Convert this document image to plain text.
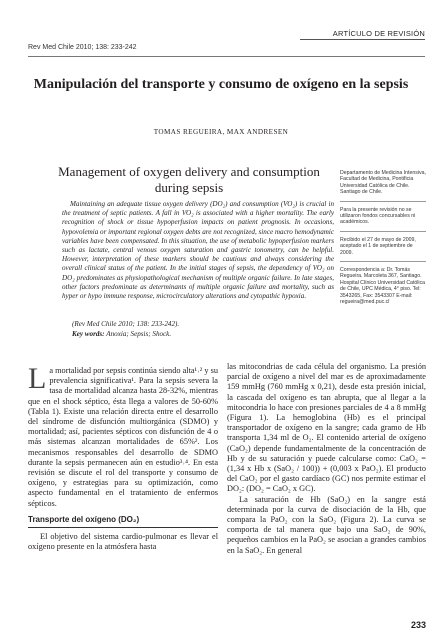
ARTÍCULO DE REVISIÓN
Rev Med Chile 2010; 138: 233-242
Manipulación del transporte y consumo de oxígeno en la sepsis
TOMAS REGUEIRA, MAX ANDRESEN
Management of oxygen delivery and consumption during sepsis
Maintaining an adequate tissue oxygen delivery (DO₂) and consumption (VO₂) is crucial in the treatment of septic patients. A fall in VO₂ is associated with a higher mortality. The early recognition of shock or tissue hypoperfusion impacts on patient prognosis. In occasions, hypovolemia or important regional oxygen debts are not recognized, since macro hemodynamic variables have been compensated. In this situation, the use of metabolic hypoperfusion markers such as lactate, central venous oxygen saturation and gastric tonometry, can be helpful. However, interpretation of these markers should be cautious and always considering the overall clinical status of the patient. In the initial stages of sepsis, the dependency of VO₂ on DO₂ predominates as physiopathological mechanism of multiple organic failure. In late stages, other factors predominate as determinants of multiple organic failure and mortality, such as hyper or hypo immune response, microcirculatory alterations and cytopathic hypoxia.
(Rev Med Chile 2010; 138: 233-242).
Key words: Anoxia; Sepsis; Shock.
Departamento de Medicina Intensiva, Facultad de Medicina, Pontificia Universidad Católica de Chile. Santiago de Chile.
Para la presente revisión no se utilizaron fondos concursables ni académicos.
Recibido el 27 de mayo de 2009, aceptado el 1 de septiembre de 2009.
Correspondencia a: Dr. Tomás Regueira. Marcoleta 367, Santiago. Hospital Clínico Universidad Católica de Chile, UPC Médica, 4° piso. Tel: 3543265, Fax: 3543307 E-mail: regueira@med.puc.cl

La mortalidad por sepsis continúa siendo alta¹˒² y su prevalencia significativa¹. Para la sepsis severa la tasa de mortalidad alcanza hasta 28-32%, mientras que en el shock séptico, ésta llega a valores de 50-60% (Tabla 1). Existe una relación directa entre el desarrollo del síndrome de disfunción multiorgánica (SDMO) y mortalidad; así, pacientes sépticos con disfunción de 4 o más sistemas alcanzan mortalidades de 65%². Los mecanismos responsables del desarrollo de SDMO durante la sepsis permanecen aún en estudio³˒⁴. En esta revisión se discute el rol del transporte y consumo de oxígeno, y estrategias para su optimización, como aspecto fundamental en el tratamiento de enfermos sépticos.

Transporte del oxígeno (DO₂)

El objetivo del sistema cardio-pulmonar es llevar el oxígeno presente en la atmósfera hasta

las mitocondrias de cada célula del organismo. La presión parcial de oxígeno a nivel del mar es de aproximadamente 159 mmHg (760 mmHg x 0,21), desde esta presión inicial, la cascada del oxígeno es tan abrupta, que al llegar a la mitocondria lo hace con presiones parciales de 4 a 8 mmHg (Figura 1). La hemoglobina (Hb) es el principal transportador de oxígeno en la sangre; cada gramo de Hb transporta 1,34 ml de O₂. El contenido arterial de oxígeno (CaO₂) depende fundamentalmente de la concentración de Hb y de su saturación y puede calcularse como: CaO₂ = (1,34 x Hb x (SaO₂ / 100)) + (0,003 x PaO₂). El producto del CaO₂ por el gasto cardíaco (GC) nos permite estimar el DO₂: (DO₂ = CaO₂ x GC).

La saturación de Hb (SaO₂) en la sangre está determinada por la curva de disociación de la Hb, que compara la PaO₂ con la SaO₂ (Figura 2). La curva se comporta de tal manera que bajo una SaO₂ de 90%, pequeños cambios en la PaO₂ se asocian a grandes cambios en la SaO₂. En general

233
